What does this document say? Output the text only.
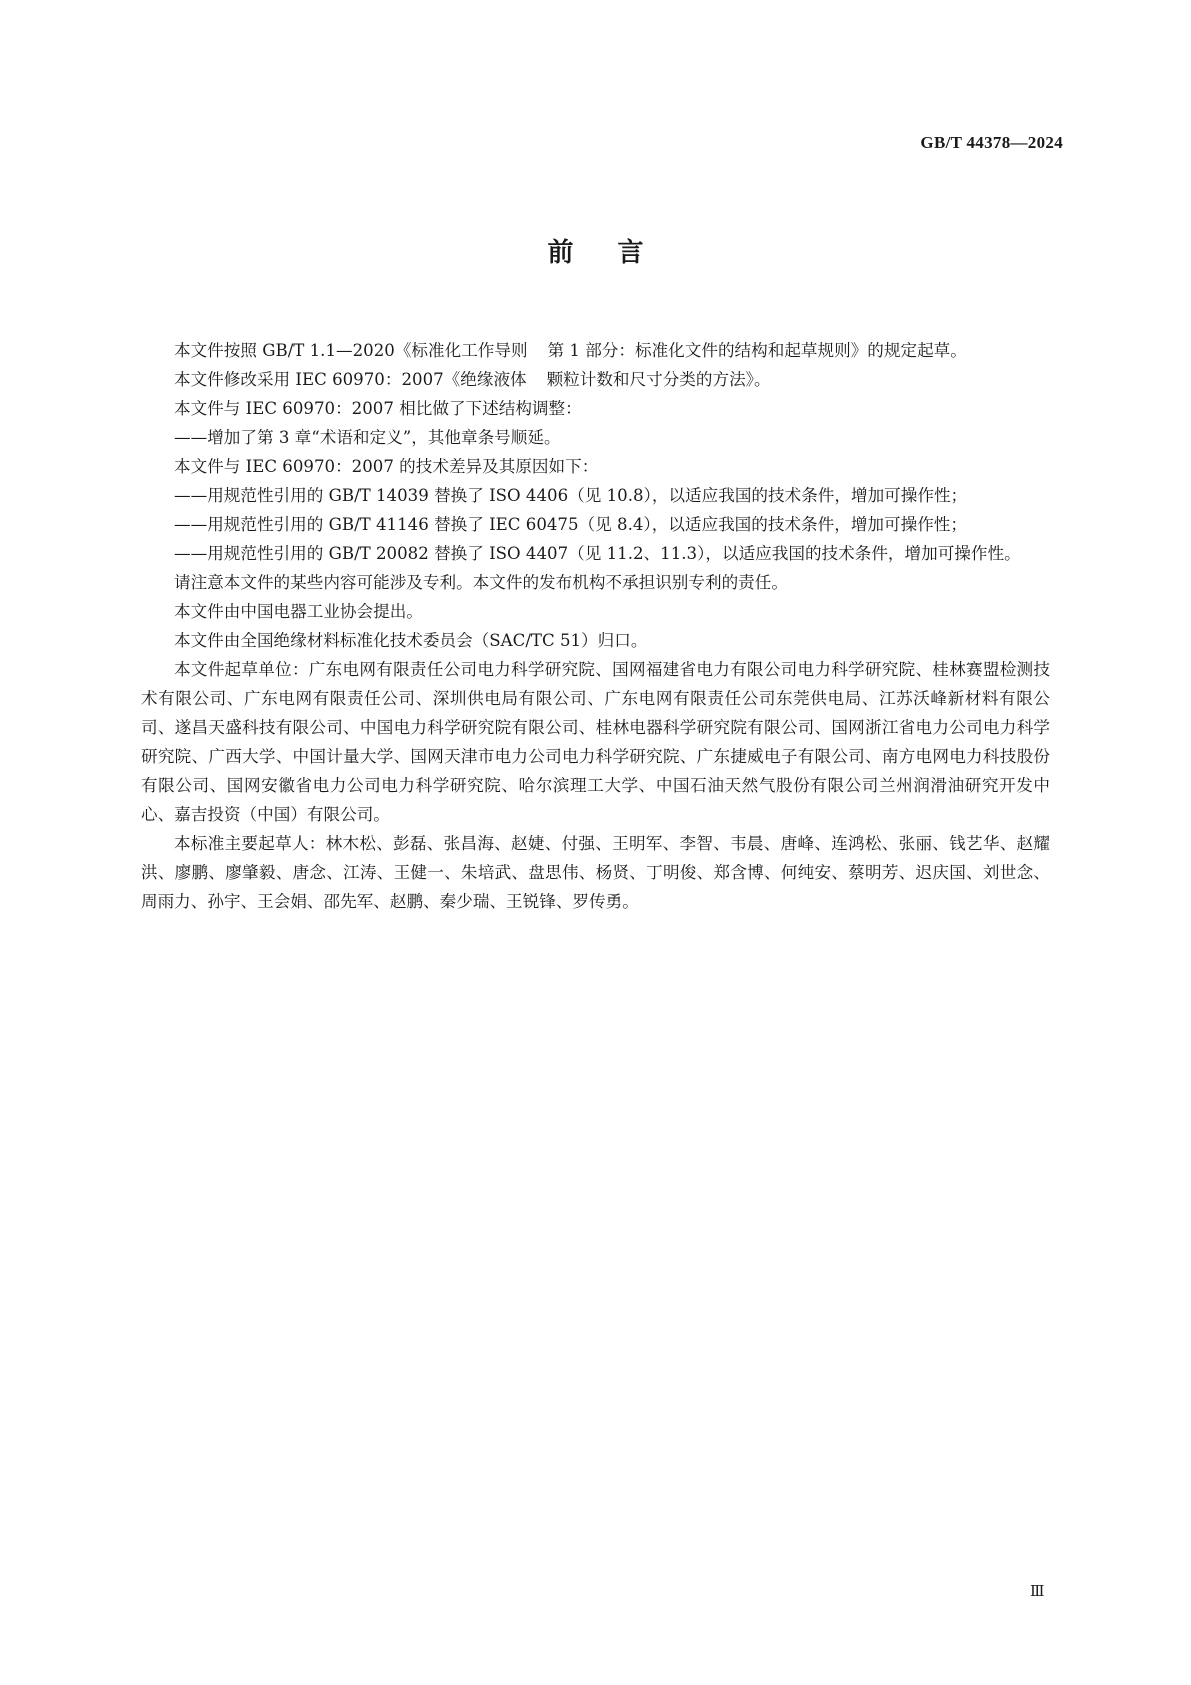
GB/T 44378—2024
前言

本文件按照 GB/T 1.1—2020《标准化工作导则 第 1 部分：标准化文件的结构和起草规则》的规定起草。

本文件修改采用 IEC 60970：2007《绝缘液体 颗粒计数和尺寸分类的方法》。

本文件与 IEC 60970：2007 相比做了下述结构调整：

——增加了第 3 章“术语和定义”，其他章条号顺延。

本文件与 IEC 60970：2007 的技术差异及其原因如下：

——用规范性引用的 GB/T 14039 替换了 ISO 4406（见 10.8），以适应我国的技术条件，增加可操作性；

——用规范性引用的 GB/T 41146 替换了 IEC 60475（见 8.4），以适应我国的技术条件，增加可操作性；

——用规范性引用的 GB/T 20082 替换了 ISO 4407（见 11.2、11.3），以适应我国的技术条件，增加可操作性。

请注意本文件的某些内容可能涉及专利。本文件的发布机构不承担识别专利的责任。

本文件由中国电器工业协会提出。

本文件由全国绝缘材料标准化技术委员会（SAC/TC 51）归口。

本文件起草单位：广东电网有限责任公司电力科学研究院、国网福建省电力有限公司电力科学研究院、桂林赛盟检测技术有限公司、广东电网有限责任公司、深圳供电局有限公司、广东电网有限责任公司东莞供电局、江苏沃峰新材料有限公司、遂昌天盛科技有限公司、中国电力科学研究院有限公司、桂林电器科学研究院有限公司、国网浙江省电力公司电力科学研究院、广西大学、中国计量大学、国网天津市电力公司电力科学研究院、广东捷威电子有限公司、南方电网电力科技股份有限公司、国网安徽省电力公司电力科学研究院、哈尔滨理工大学、中国石油天然气股份有限公司兰州润滑油研究开发中心、嘉吉投资（中国）有限公司。

本标准主要起草人：林木松、彭磊、张昌海、赵婕、付强、王明军、李智、韦晨、唐峰、连鸿松、张丽、钱艺华、赵耀洪、廖鹏、廖肇毅、唐念、江涛、王健一、朱培武、盘思伟、杨贤、丁明俊、郑含博、何纯安、蔡明芳、迟庆国、刘世念、周雨力、孙宇、王会娟、邵先军、赵鹏、秦少瑞、王锐锋、罗传勇。

Ⅲ
